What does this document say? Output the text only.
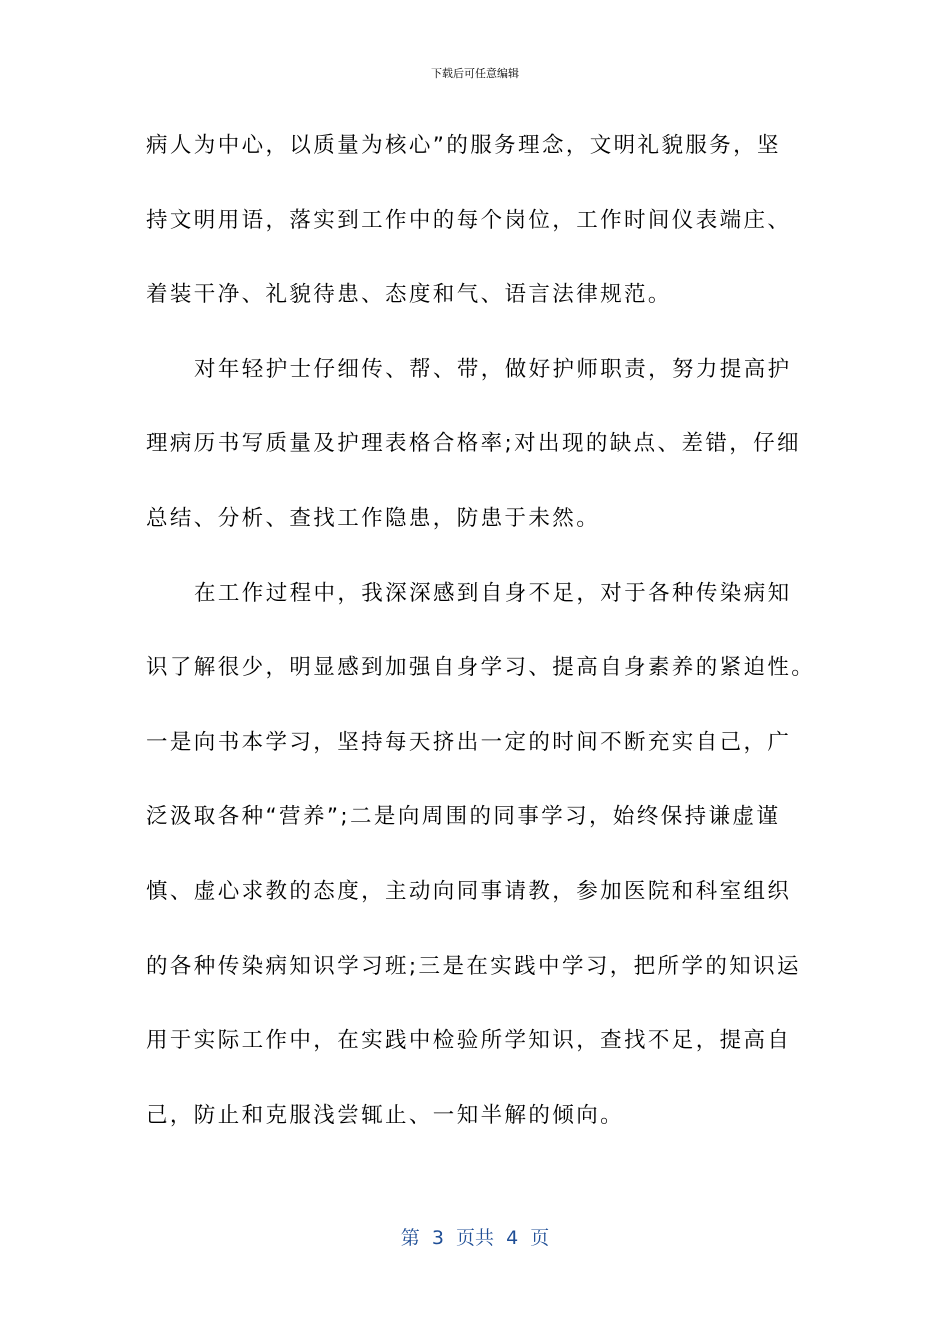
下载后可任意编辑
病人为中心，以质量为核心”的服务理念，文明礼貌服务，坚
持文明用语，落实到工作中的每个岗位，工作时间仪表端庄、
着装干净、礼貌待患、态度和气、语言法律规范。
对年轻护士仔细传、帮、带，做好护师职责，努力提高护
理病历书写质量及护理表格合格率;对出现的缺点、差错，仔细
总结、分析、查找工作隐患，防患于未然。
在工作过程中，我深深感到自身不足，对于各种传染病知
识了解很少，明显感到加强自身学习、提高自身素养的紧迫性。
一是向书本学习，坚持每天挤出一定的时间不断充实自己，广
泛汲取各种“营养”;二是向周围的同事学习，始终保持谦虚谨
慎、虚心求教的态度，主动向同事请教，参加医院和科室组织
的各种传染病知识学习班;三是在实践中学习，把所学的知识运
用于实际工作中，在实践中检验所学知识，查找不足，提高自
己，防止和克服浅尝辄止、一知半解的倾向。
第  3  页共  4  页
